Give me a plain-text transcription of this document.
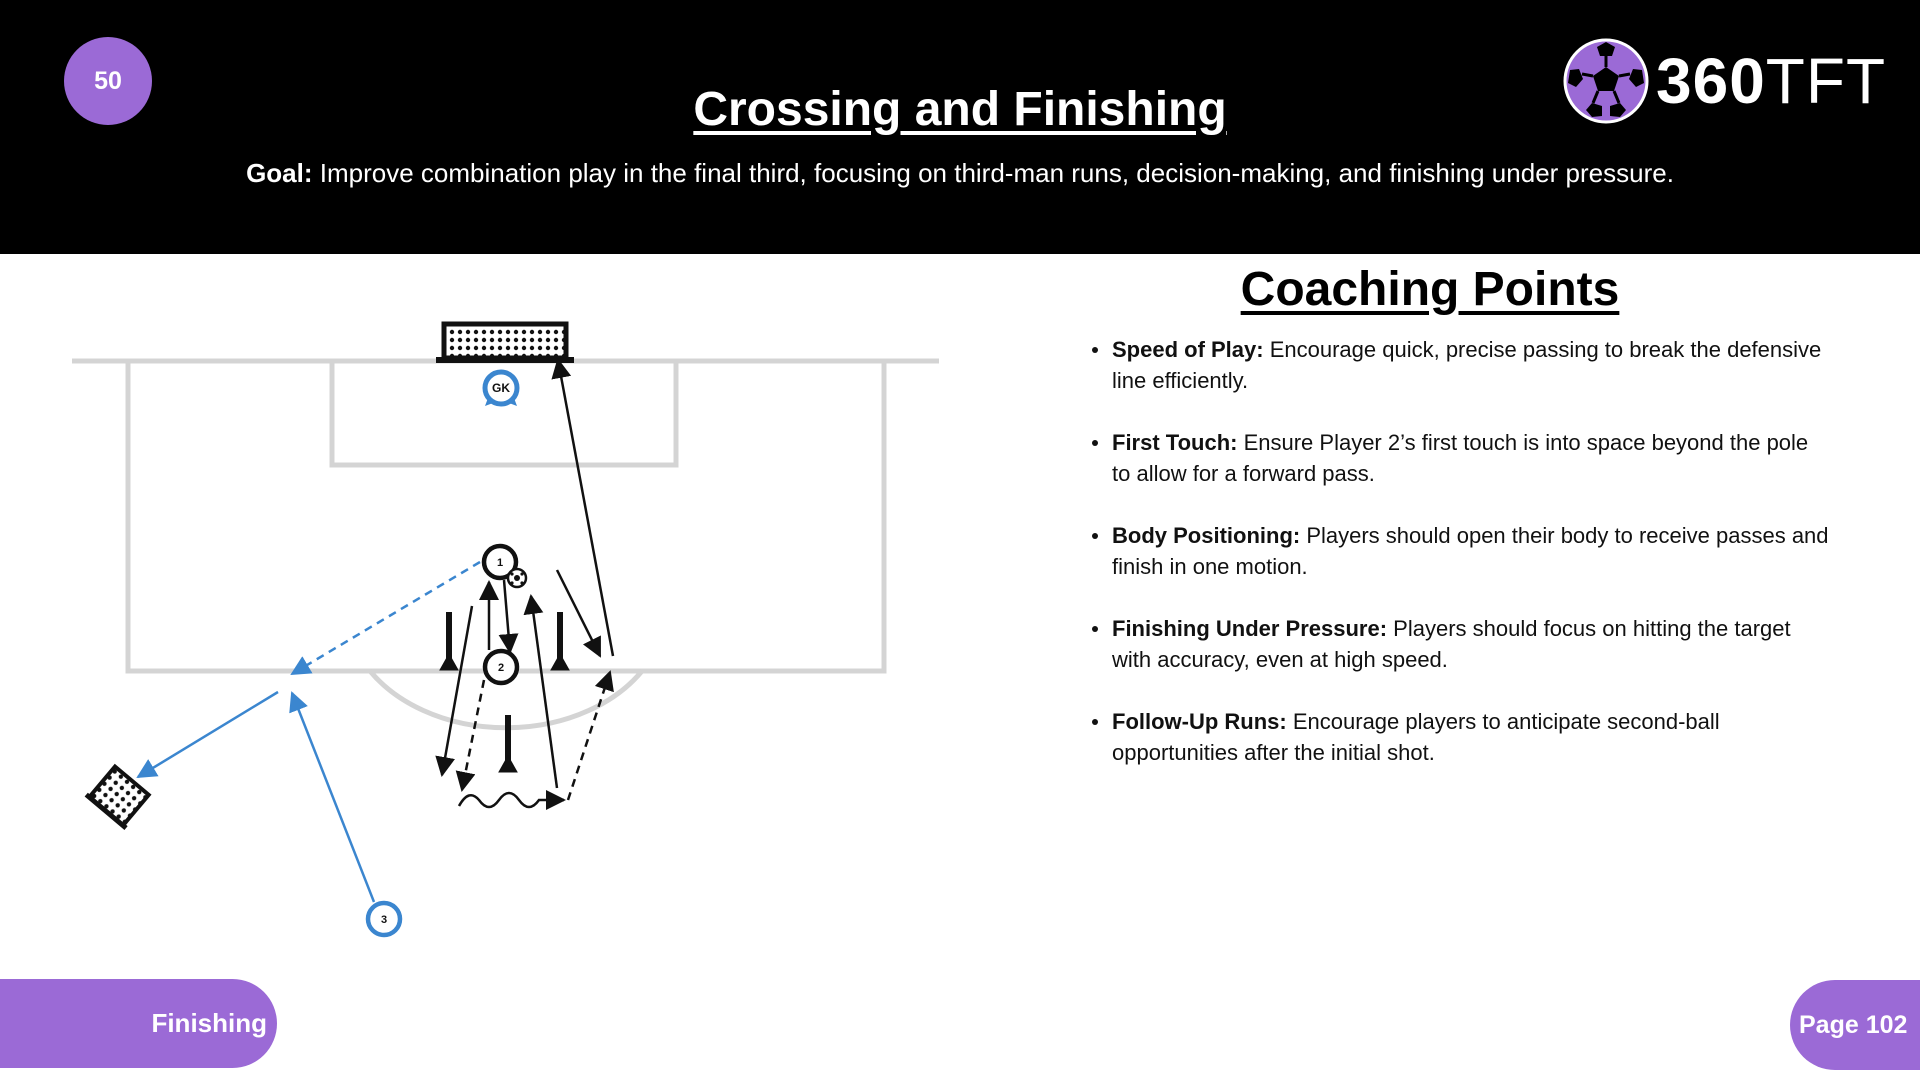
50
Crossing and Finishing
Goal: Improve combination play in the final third, focusing on third-man runs, decision-making, and finishing under pressure.
360TFT
GK
1
2
3
Coaching Points
Speed of Play: Encourage quick, precise passing to break the defensive line efficiently.
First Touch: Ensure Player 2’s first touch is into space beyond the pole to allow for a forward pass.
Body Positioning: Players should open their body to receive passes and finish in one motion.
Finishing Under Pressure: Players should focus on hitting the target with accuracy, even at high speed.
Follow-Up Runs: Encourage players to anticipate second-ball opportunities after the initial shot.
Finishing	Page 102
